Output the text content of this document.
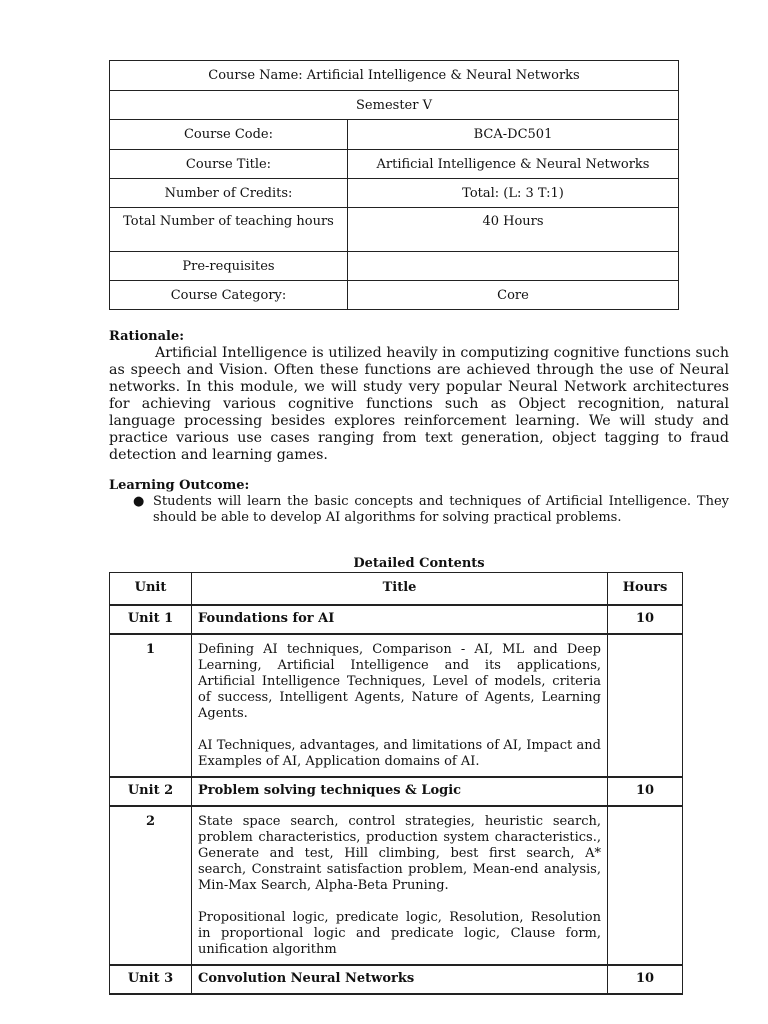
Course Name: Artificial Intelligence & Neural Networks	
Semester V	
Course Code:	BCA-DC501
Course Title:	Artificial Intelligence & Neural Networks
Number of Credits:	Total: (L: 3 T:1)
Total Number of teaching hours	40 Hours
Pre-requisites	
Course Category:	Core
Rationale:

Artificial Intelligence is utilized heavily in computizing cognitive functions such as speech and Vision. Often these functions are achieved through the use of Neural networks. In this module, we will study very popular Neural Network architectures for achieving various cognitive functions such as Object recognition, natural language processing besides explores reinforcement learning. We will study and practice various use cases ranging from text generation, object tagging to fraud detection and learning games.

Learning Outcome:
● Students will learn the basic concepts and techniques of Artificial Intelligence. They should be able to develop AI algorithms for solving practical problems.
Detailed Contents
Unit	Title	Hours
Unit 1	Foundations for AI	10
1	Defining AI techniques, Comparison - AI, ML and Deep Learning, Artificial Intelligence and its applications, Artificial Intelligence Techniques, Level of models, criteria of success, Intelligent Agents, Nature of Agents, Learning Agents.

AI Techniques, advantages, and limitations of AI, Impact and Examples of AI, Application domains of AI.	

Unit 2	Problem solving techniques & Logic	10
2	State space search, control strategies, heuristic search, problem characteristics, production system characteristics., Generate and test, Hill climbing, best first search, A* search, Constraint satisfaction problem, Mean-end analysis, Min-Max Search, Alpha-Beta Pruning.

Propositional logic, predicate logic, Resolution, Resolution in proportional logic and predicate logic, Clause form, unification algorithm	

Unit 3	Convolution Neural Networks	10
